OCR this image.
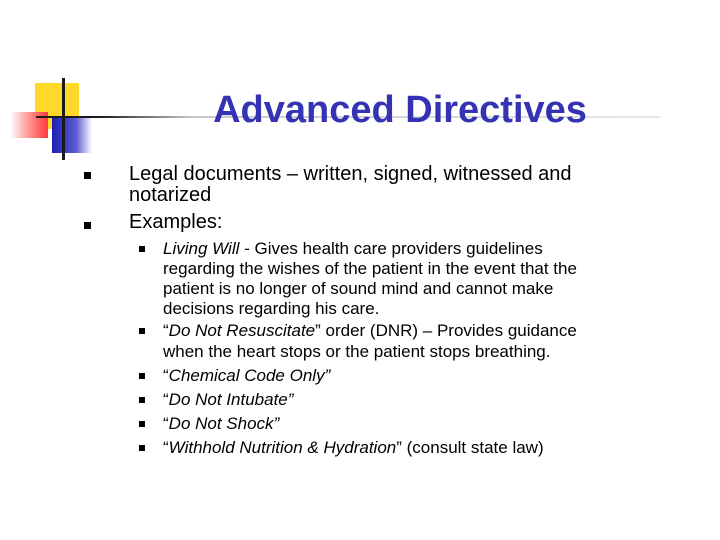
Advanced Directives
Legal documents – written, signed, witnessed and
notarized
Examples:
Living Will - Gives health care providers guidelines
regarding the wishes of the patient in the event that the
patient is no longer of sound mind and cannot make
decisions regarding his care.
“Do Not Resuscitate” order (DNR) – Provides guidance
when the heart stops or the patient stops breathing.
“Chemical Code Only”
“Do Not Intubate”
“Do Not Shock”
“Withhold Nutrition & Hydration” (consult state law)
